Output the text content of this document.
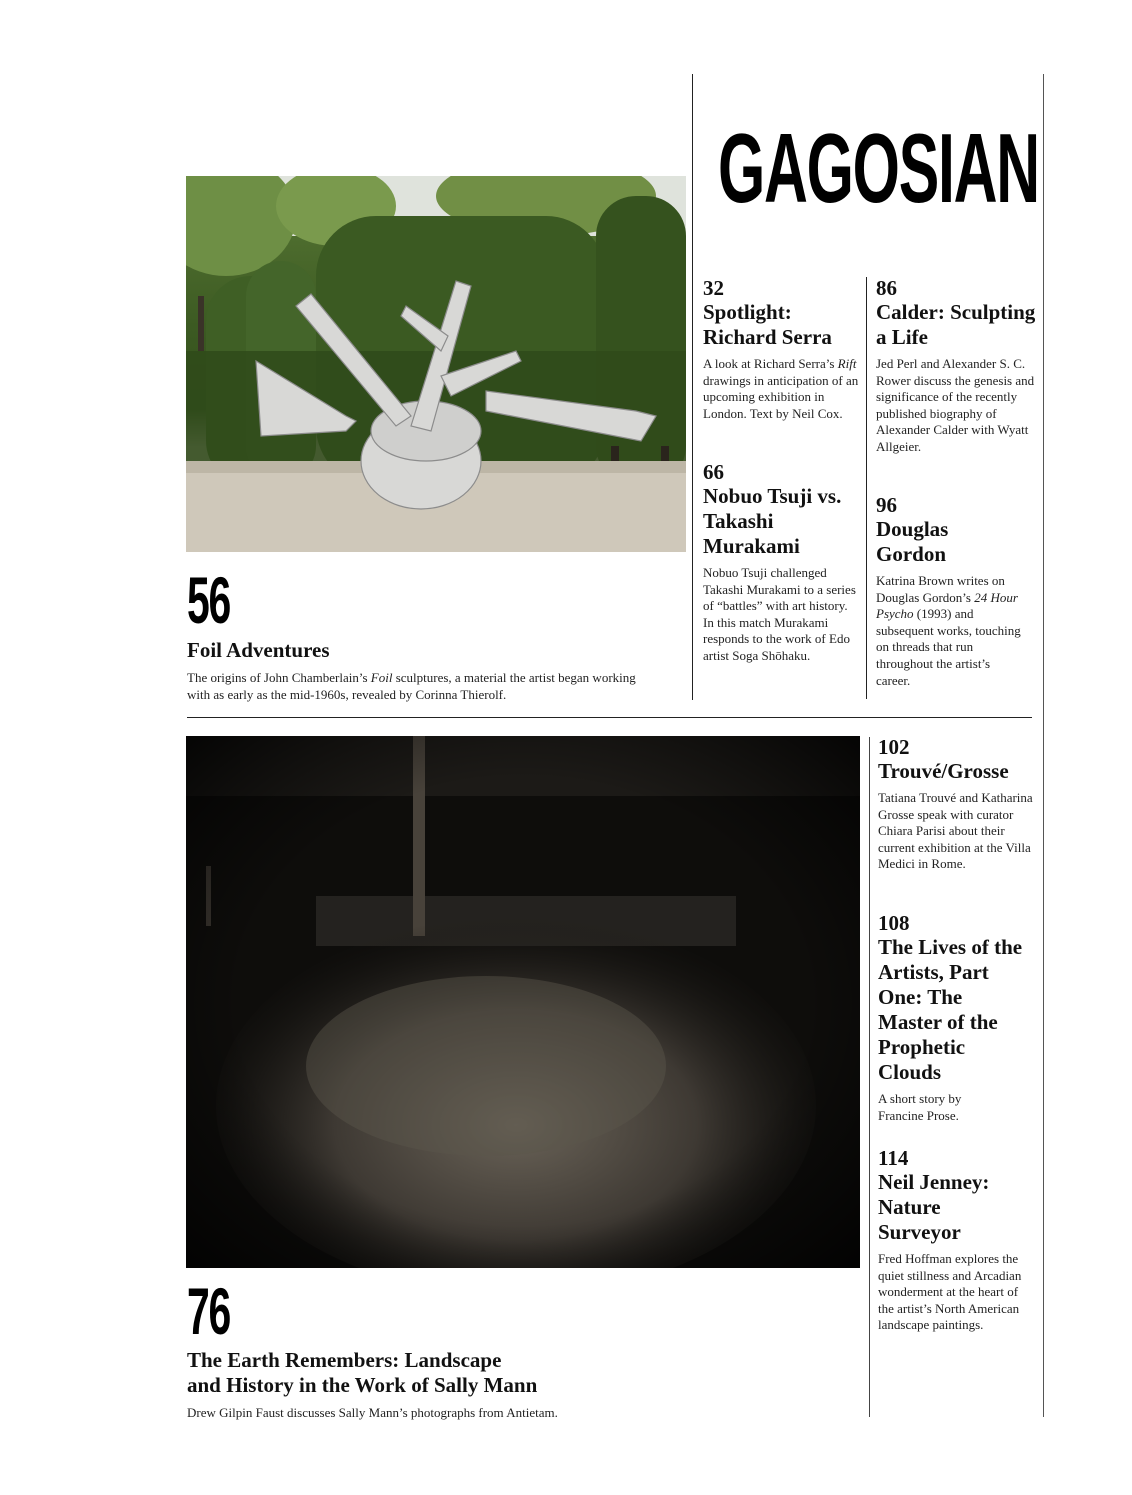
GAGOSIAN
56
Foil Adventures
The origins of John Chamberlain’s Foil sculptures, a material the artist began working with as early as the mid-1960s, revealed by Corinna Thierolf.
76
The Earth Remembers: Landscape
and History in the Work of Sally Mann
Drew Gilpin Faust discusses Sally Mann’s photographs from Antietam.
32
Spotlight: Richard Serra
A look at Richard Serra’s Rift drawings in anticipation of an upcoming exhibition in London. Text by Neil Cox.
66
Nobuo Tsuji vs. Takashi Murakami
Nobuo Tsuji challenged Takashi Murakami to a series of “battles” with art history. In this match Murakami responds to the work of Edo artist Soga Shōhaku.
86
Calder: Sculpting a Life
Jed Perl and Alexander S. C. Rower discuss the genesis and significance of the recently published biography of Alexander Calder with Wyatt Allgeier.
96
Douglas Gordon
Katrina Brown writes on Douglas Gordon’s 24 Hour Psycho (1993) and subsequent works, touching on threads that run throughout the artist’s career.
102
Trouvé/Grosse
Tatiana Trouvé and Katharina Grosse speak with curator Chiara Parisi about their current exhibition at the Villa Medici in Rome.
108
The Lives of the Artists, Part One: The Master of the Prophetic Clouds
A short story by Francine Prose.
114
Neil Jenney: Nature Surveyor
Fred Hoffman explores the quiet stillness and Arcadian wonderment at the heart of the artist’s North American landscape paintings.
